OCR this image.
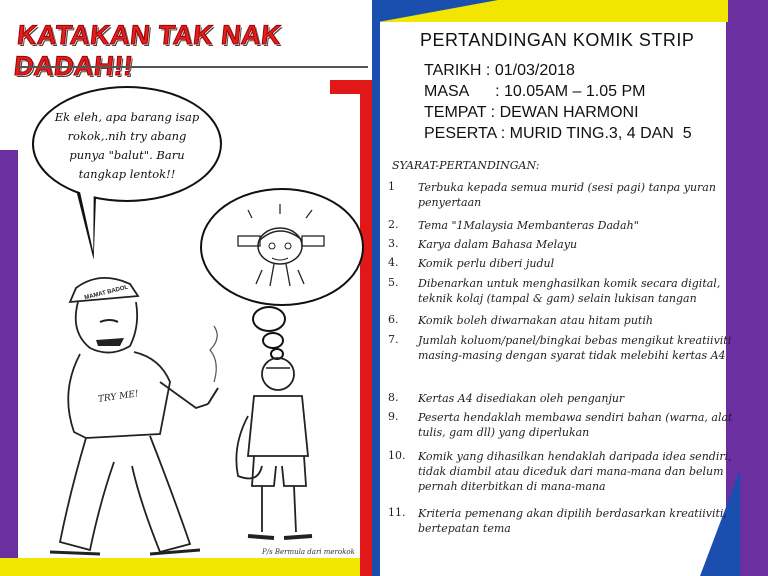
KATAKAN TAK NAK DADAH!!
Ek eleh, apa barang isap rokok,.nih try abang punya "balut". Baru tangkap lentok!!
PERTANDINGAN KOMIK STRIP
TARIKH : 01/03/2018
MASA      : 10.05AM – 1.05 PM
TEMPAT : DEWAN HARMONI
PESERTA : MURID TING.3, 4 DAN  5
SYARAT-PERTANDINGAN:
1	Terbuka kepada semua murid (sesi pagi) tanpa yuran penyertaan
2.	Tema "1Malaysia Membanteras Dadah"
3.	Karya dalam Bahasa Melayu
4.	Komik perlu diberi judul
5.	Dibenarkan untuk menghasilkan komik secara digital, teknik kolaj (tampal & gam) selain lukisan tangan
6.	Komik boleh diwarnakan atau hitam putih
7.	Jumlah koluom/panel/bingkai bebas mengikut kreatiiviti masing-masing dengan syarat tidak melebihi kertas A4
8.	Kertas A4 disediakan oleh penganjur
9.	Peserta hendaklah membawa sendiri bahan (warna, alat tulis, gam dll) yang diperlukan
10.	Komik yang dihasilkan hendaklah daripada idea sendiri, tidak diambil atau diceduk dari mana-mana dan belum pernah diterbitkan di mana-mana
11.	Kriteria pemenang akan dipilih berdasarkan kreatiiviti, bertepatan tema
MAMAT BADOL
TRY ME!
P/s Bermula dari merokok
